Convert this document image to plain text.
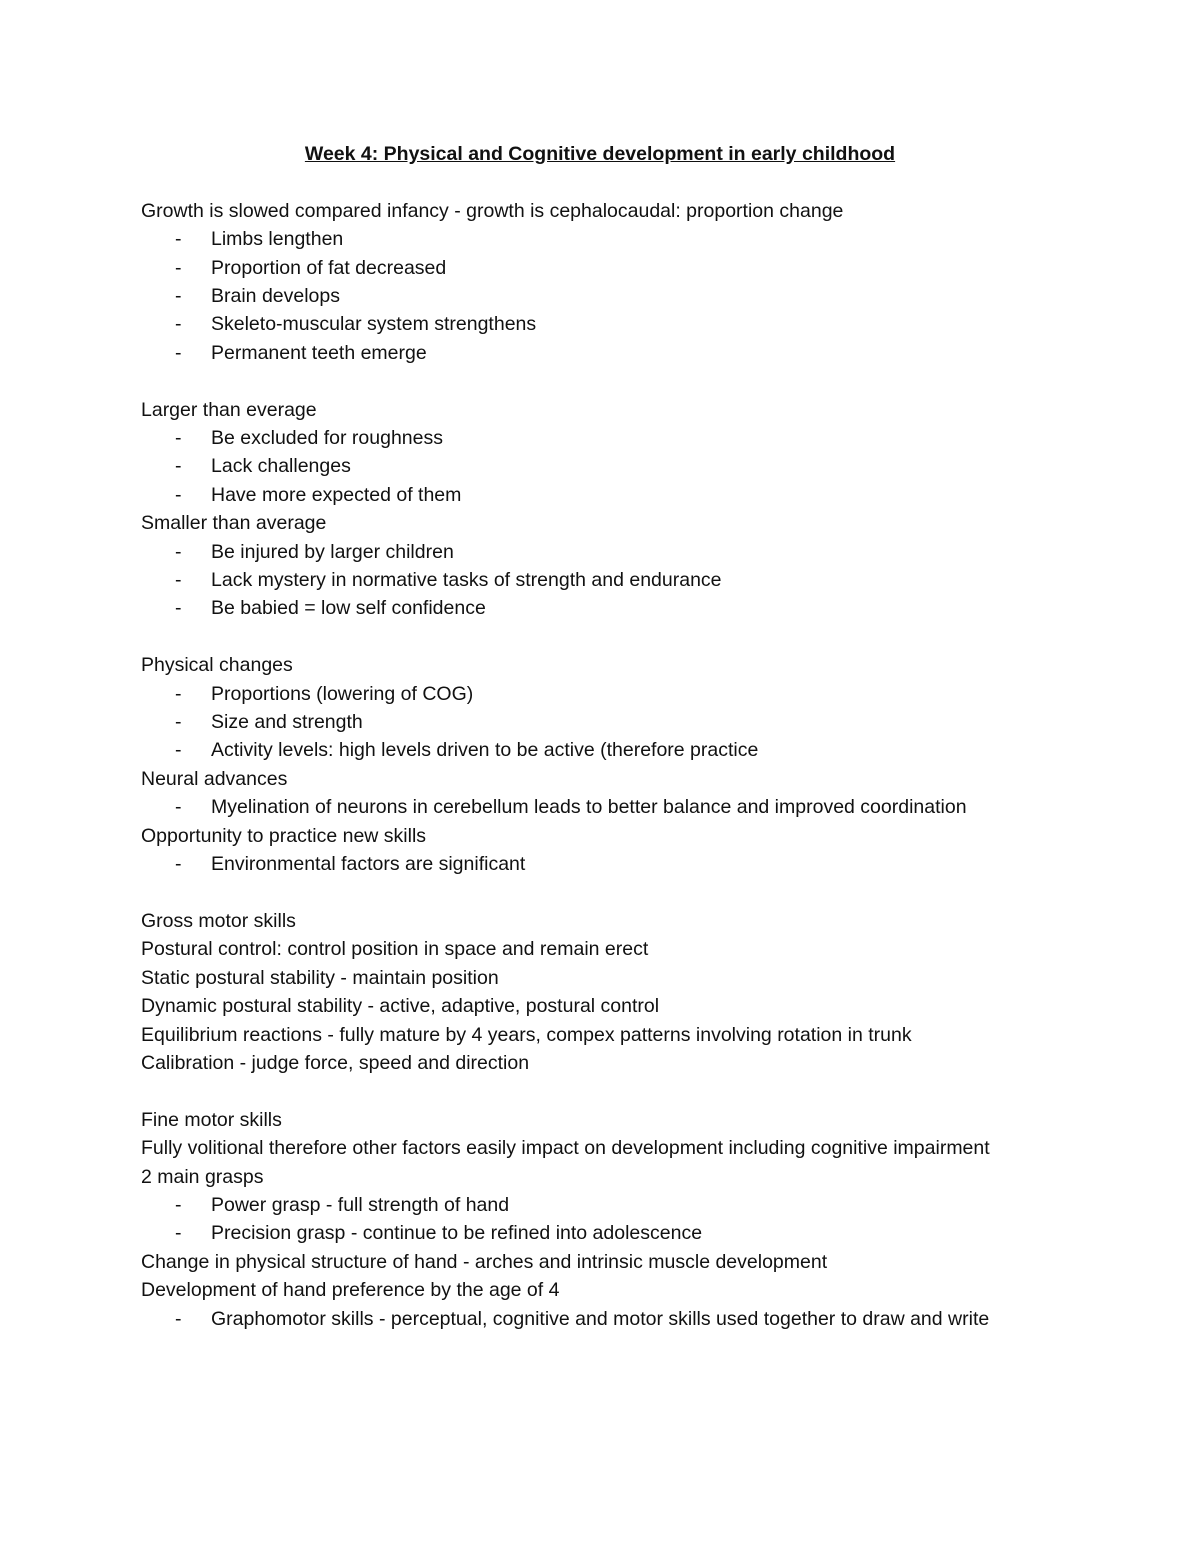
Week 4: Physical and Cognitive development in early childhood
Growth is slowed compared infancy - growth is cephalocaudal: proportion change
- Limbs lengthen
- Proportion of fat decreased
- Brain develops
- Skeleto-muscular system strengthens
- Permanent teeth emerge
Larger than everage
- Be excluded for roughness
- Lack challenges
- Have more expected of them
Smaller than average
- Be injured by larger children
- Lack mystery in normative tasks of strength and endurance
- Be babied = low self confidence
Physical changes
- Proportions (lowering of COG)
- Size and strength
- Activity levels: high levels driven to be active (therefore practice
Neural advances
- Myelination of neurons in cerebellum leads to better balance and improved coordination
Opportunity to practice new skills
- Environmental factors are significant
Gross motor skills
Postural control: control position in space and remain erect
Static postural stability - maintain position
Dynamic postural stability - active, adaptive, postural control
Equilibrium reactions - fully mature by 4 years, compex patterns involving rotation in trunk
Calibration - judge force, speed and direction
Fine motor skills
Fully volitional therefore other factors easily impact on development including cognitive impairment
2 main grasps
- Power grasp - full strength of hand
- Precision grasp - continue to be refined into adolescence
Change in physical structure of hand - arches and intrinsic muscle development
Development of hand preference by the age of 4
- Graphomotor skills - perceptual, cognitive and motor skills used together to draw and write
